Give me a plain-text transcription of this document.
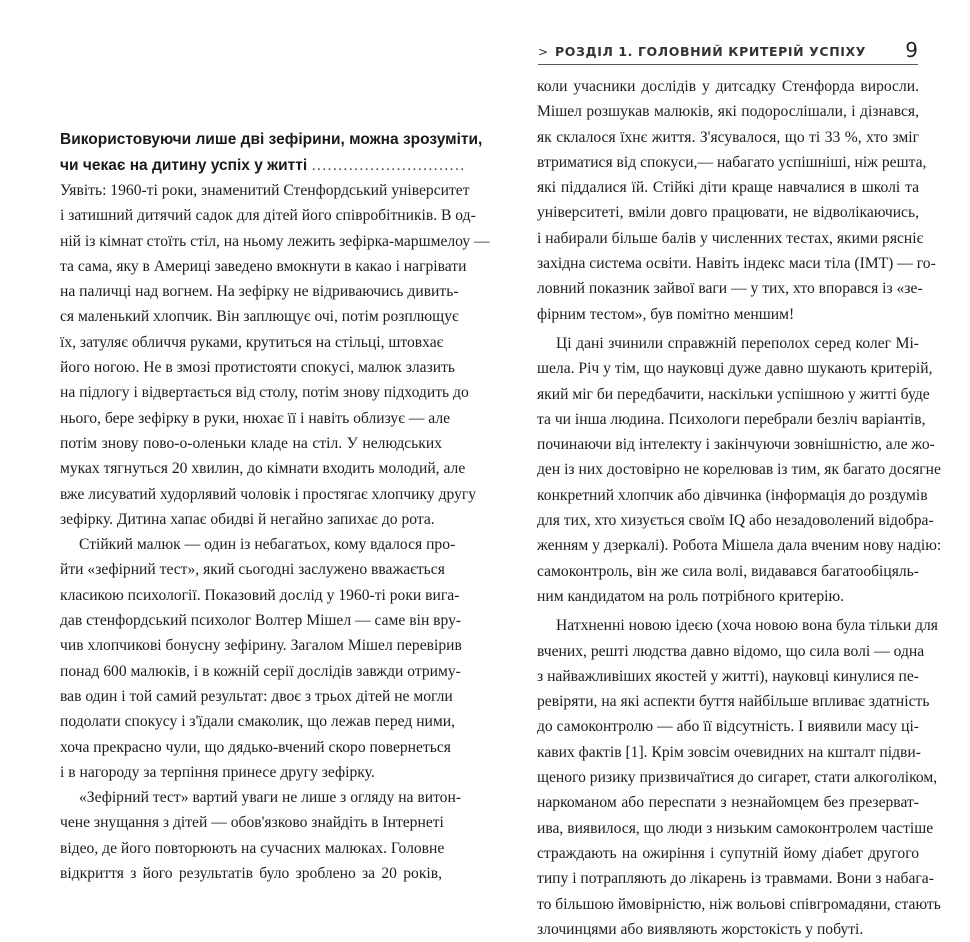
Використовуючи лише дві зефірини, можна зрозуміти,
чи чекає на дитину успіх у житті .............................
Уявіть: 1960-ті роки, знаменитий Стенфордський університет
і затишний дитячий садок для дітей його співробітників. В од-
ній із кімнат стоїть стіл, на ньому лежить зефірка-маршмелоу —
та сама, яку в Америці заведено вмокнути в какао і нагрівати
на паличці над вогнем. На зефірку не відриваючись дивить-
ся маленький хлопчик. Він заплющує очі, потім розплющує
їх, затуляє обличчя руками, крутиться на стільці, штовхає
його ногою. Не в змозі протистояти спокусі, малюк злазить
на підлогу і відвертається від столу, потім знову підходить до
нього, бере зефірку в руки, нюхає її і навіть облизує — але
потім знову пово-о-оленьки кладе на стіл. У нелюдських
муках тягнуться 20 хвилин, до кімнати входить молодий, але
вже лисуватий худорлявий чоловік і простягає хлопчику другу
зефірку. Дитина хапає обидві й негайно запихає до рота.
Стійкий малюк — один із небагатьох, кому вдалося про-
йти «зефірний тест», який сьогодні заслужено вважається
класикою психології. Показовий дослід у 1960-ті роки вига-
дав стенфордський психолог Волтер Мішел — саме він вру-
чив хлопчикові бонусну зефірину. Загалом Мішел перевірив
понад 600 малюків, і в кожній серії дослідів завжди отриму-
вав один і той самий результат: двоє з трьох дітей не могли
подолати спокусу і з'їдали смаколик, що лежав перед ними,
хоча прекрасно чули, що дядько-вчений скоро повернеться
і в нагороду за терпіння принесе другу зефірку.
«Зефірний тест» вартий уваги не лише з огляду на витон-
чене знущання з дітей — обов'язково знайдіть в Інтернеті
відео, де його повторюють на сучасних малюках. Головне
відкриття з його результатів було зроблено за 20 років,
> РОЗДІЛ 1. ГОЛОВНИЙ КРИТЕРІЙ УСПІХУ 9
коли учасники дослідів у дитсадку Стенфорда виросли.
Мішел розшукав малюків, які подорослішали, і дізнався,
як склалося їхнє життя. З'ясувалося, що ті 33 %, хто зміг
втриматися від спокуси,— набагато успішніші, ніж решта,
які піддалися їй. Стійкі діти краще навчалися в школі та
університеті, вміли довго працювати, не відволікаючись,
і набирали більше балів у численних тестах, якими рясніє
західна система освіти. Навіть індекс маси тіла (ІМТ) — го-
ловний показник зайвої ваги — у тих, хто впорався із «зе-
фірним тестом», був помітно меншим!
Ці дані зчинили справжній переполох серед колег Мі-
шела. Річ у тім, що науковці дуже давно шукають критерій,
який міг би передбачити, наскільки успішною у житті буде
та чи інша людина. Психологи перебрали безліч варіантів,
починаючи від інтелекту і закінчуючи зовнішністю, але жо-
ден із них достовірно не корелював із тим, як багато досягне
конкретний хлопчик або дівчинка (інформація до роздумів
для тих, хто хизується своїм IQ або незадоволений відобра-
женням у дзеркалі). Робота Мішела дала вченим нову надію:
самоконтроль, він же сила волі, видавався багатообіцяль-
ним кандидатом на роль потрібного критерію.
Натхненні новою ідеєю (хоча новою вона була тільки для
вчених, решті людства давно відомо, що сила волі — одна
з найважливіших якостей у житті), науковці кинулися пе-
ревіряти, на які аспекти буття найбільше впливає здатність
до самоконтролю — або її відсутність. І виявили масу ці-
кавих фактів [1]. Крім зовсім очевидних на кшталт підви-
щеного ризику призвичаїтися до сигарет, стати алкоголіком,
наркоманом або переспати з незнайомцем без презерват-
ива, виявилося, що люди з низьким самоконтролем частіше
страждають на ожиріння і супутній йому діабет другого
типу і потрапляють до лікарень із травмами. Вони з набага-
то більшою ймовірністю, ніж вольові співгромадяни, стають
злочинцями або виявляють жорстокість у побуті.
